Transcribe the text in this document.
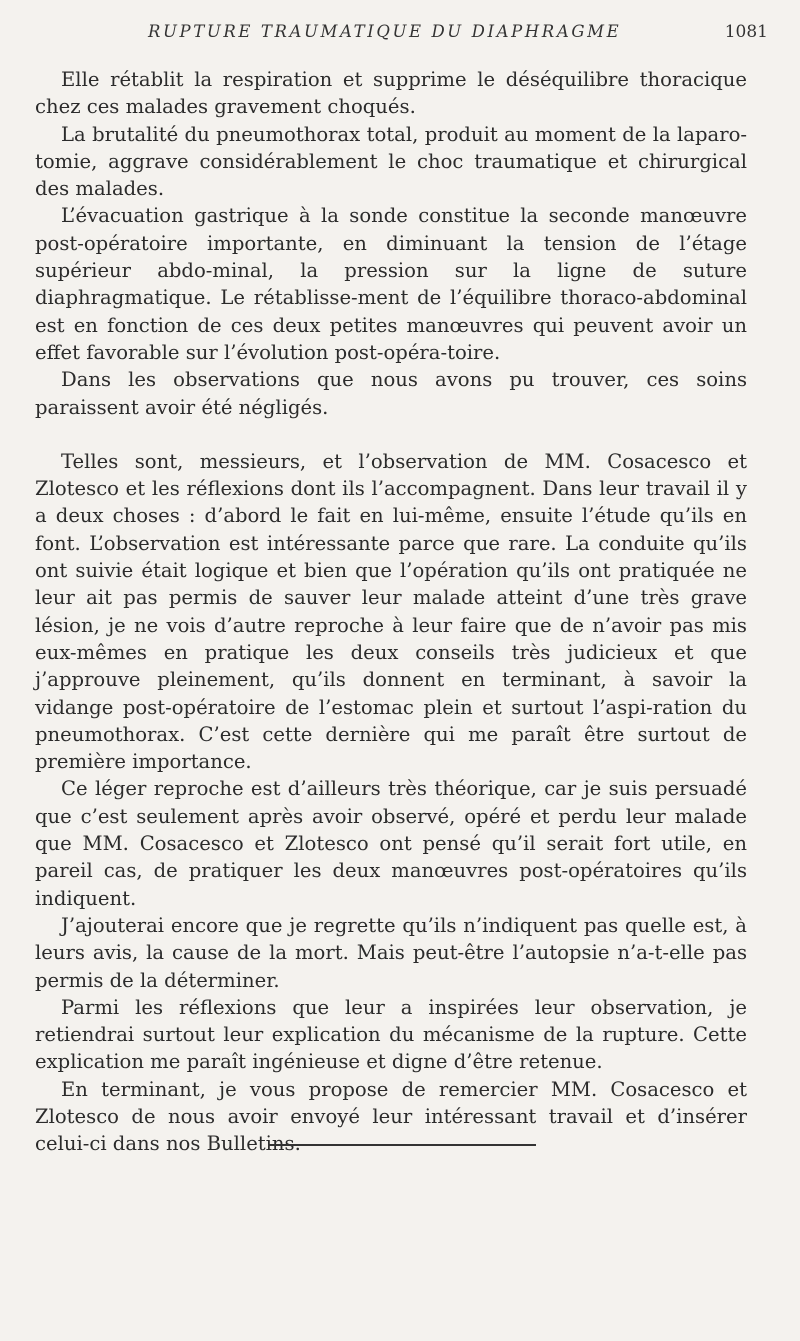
RUPTURE TRAUMATIQUE DU DIAPHRAGME	1081

Elle rétablit la respiration et supprime le déséquilibre thoracique chez ces malades gravement choqués.

La brutalité du pneumothorax total, produit au moment de la laparo-tomie, aggrave considérablement le choc traumatique et chirurgical des malades.

L’évacuation gastrique à la sonde constitue la seconde manœuvre post-opératoire importante, en diminuant la tension de l’étage supérieur abdo-minal, la pression sur la ligne de suture diaphragmatique. Le rétablisse-ment de l’équilibre thoraco-abdominal est en fonction de ces deux petites manœuvres qui peuvent avoir un effet favorable sur l’évolution post-opéra-toire.

Dans les observations que nous avons pu trouver, ces soins paraissent avoir été négligés.

Telles sont, messieurs, et l’observation de MM. Cosacesco et Zlotesco et les réflexions dont ils l’accompagnent. Dans leur travail il y a deux choses : d’abord le fait en lui-même, ensuite l’étude qu’ils en font. L’observation est intéressante parce que rare. La conduite qu’ils ont suivie était logique et bien que l’opération qu’ils ont pratiquée ne leur ait pas permis de sauver leur malade atteint d’une très grave lésion, je ne vois d’autre reproche à leur faire que de n’avoir pas mis eux-mêmes en pratique les deux conseils très judicieux et que j’approuve pleinement, qu’ils donnent en terminant, à savoir la vidange post-opératoire de l’estomac plein et surtout l’aspi-ration du pneumothorax. C’est cette dernière qui me paraît être surtout de première importance.

Ce léger reproche est d’ailleurs très théorique, car je suis persuadé que c’est seulement après avoir observé, opéré et perdu leur malade que MM. Cosacesco et Zlotesco ont pensé qu’il serait fort utile, en pareil cas, de pratiquer les deux manœuvres post-opératoires qu’ils indiquent.

J’ajouterai encore que je regrette qu’ils n’indiquent pas quelle est, à leurs avis, la cause de la mort. Mais peut-être l’autopsie n’a-t-elle pas permis de la déterminer.

Parmi les réflexions que leur a inspirées leur observation, je retiendrai surtout leur explication du mécanisme de la rupture. Cette explication me paraît ingénieuse et digne d’être retenue.

En terminant, je vous propose de remercier MM. Cosacesco et Zlotesco de nous avoir envoyé leur intéressant travail et d’insérer celui-ci dans nos Bulletins.
